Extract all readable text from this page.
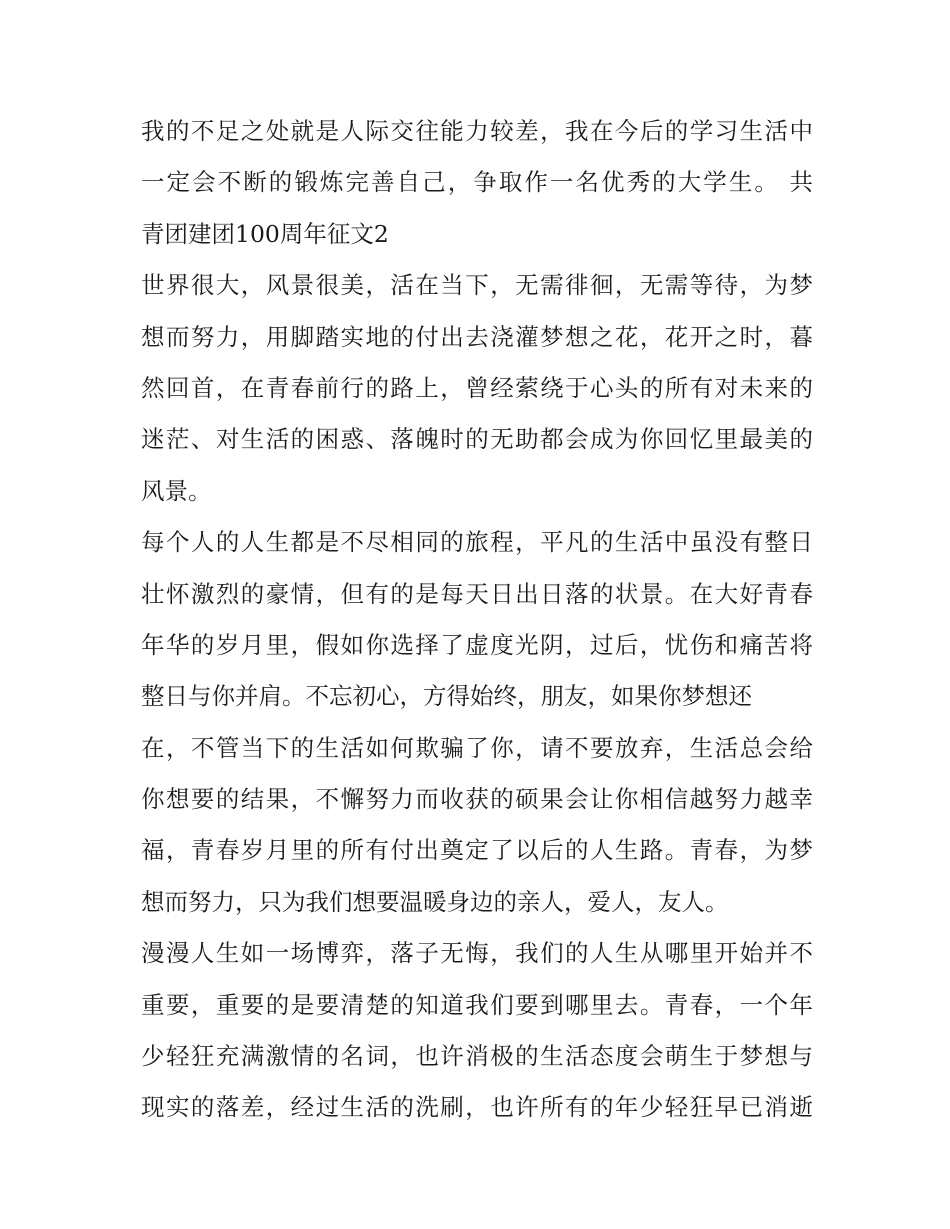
我的不足之处就是人际交往能力较差，我在今后的学习生活中
一定会不断的锻炼完善自己，争取作一名优秀的大学生。 共
青团建团100周年征文2
世界很大，风景很美，活在当下，无需徘徊，无需等待，为梦
想而努力，用脚踏实地的付出去浇灌梦想之花，花开之时，暮
然回首，在青春前行的路上，曾经萦绕于心头的所有对未来的
迷茫、对生活的困惑、落魄时的无助都会成为你回忆里最美的
风景。
每个人的人生都是不尽相同的旅程，平凡的生活中虽没有整日
壮怀激烈的豪情，但有的是每天日出日落的状景。在大好青春
年华的岁月里，假如你选择了虚度光阴，过后，忧伤和痛苦将
整日与你并肩。不忘初心，方得始终，朋友，如果你梦想还
在，不管当下的生活如何欺骗了你，请不要放弃，生活总会给
你想要的结果，不懈努力而收获的硕果会让你相信越努力越幸
福，青春岁月里的所有付出奠定了以后的人生路。青春，为梦
想而努力，只为我们想要温暖身边的亲人，爱人，友人。
漫漫人生如一场博弈，落子无悔，我们的人生从哪里开始并不
重要，重要的是要清楚的知道我们要到哪里去。青春，一个年
少轻狂充满激情的名词，也许消极的生活态度会萌生于梦想与
现实的落差，经过生活的洗刷，也许所有的年少轻狂早已消逝
